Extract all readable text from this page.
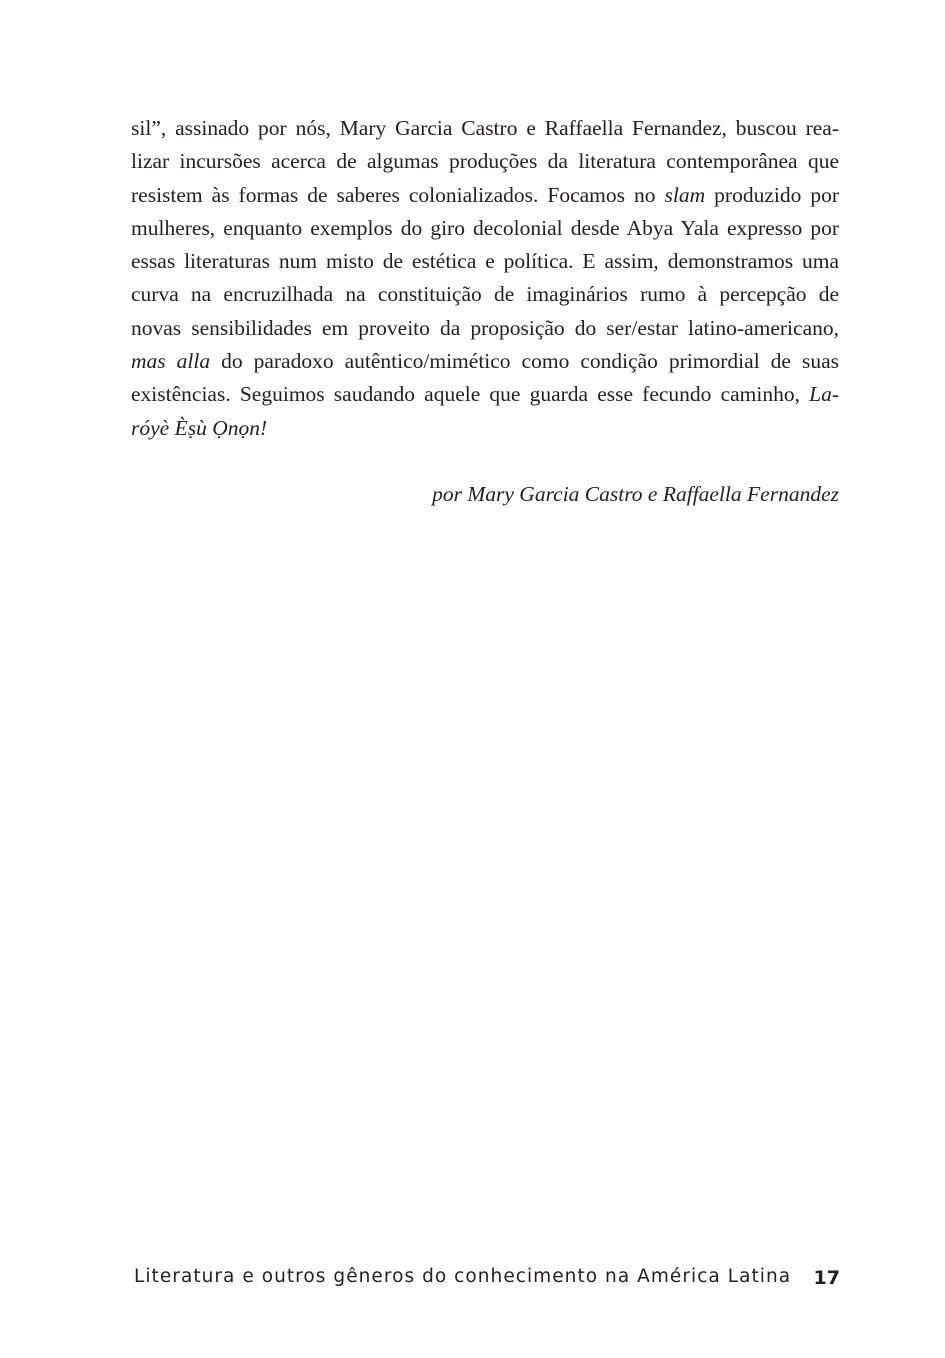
sil”, assinado por nós, Mary Garcia Castro e Raffaella Fernandez, buscou rea-
lizar incursões acerca de algumas produções da literatura contemporânea que
resistem às formas de saberes colonializados. Focamos no slam produzido por
mulheres, enquanto exemplos do giro decolonial desde Abya Yala expresso por
essas literaturas num misto de estética e política. E assim, demonstramos uma
curva na encruzilhada na constituição de imaginários rumo à percepção de
novas sensibilidades em proveito da proposição do ser/estar latino-americano,
mas alla do paradoxo autêntico/mimético como condição primordial de suas
existências. Seguimos saudando aquele que guarda esse fecundo caminho, La-
róyè Èṣù Ọnọn!

por Mary Garcia Castro e Raffaella Fernandez

Literatura e outros gêneros do conhecimento na América Latina 17
